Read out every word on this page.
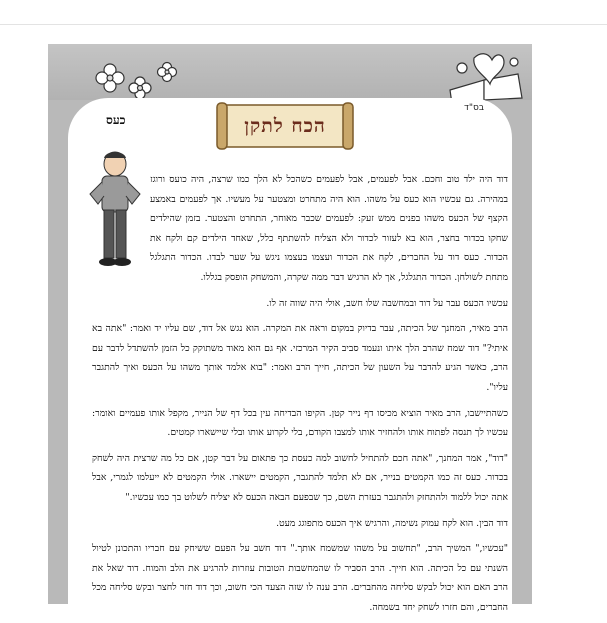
בס"ד
הכח לתקן
כעס

דוד היה ילד טוב וחכם. אבל לפעמים, אבל לפעמים כשהכל לא הלך כמו שרצה, היה כועס ורוגז במהירה. גם עכשיו הוא כעס על משהו. הוא היה מתחרט ומצטער על מעשיו. אך לפעמים באמצע הקצף של הכעס משהו בפנים ממש זעק: לפעמים שכבר מאוחר, התחרט והצטער. בזמן שהילדים שחקו בכדור בחצר, הוא בא לעזור לכדור ולא הצליח להשתתף כלל, שאחד הילדים קם ולקח את הכדור. כעס דוד על החברים, לקח את הכדור ועצמו בעצמו ניגש על שער לבדו. הכדור התגלגל מתחת לשולחן. הכדור התגלגל, אך לא הרגיש דבר ממה שקרה, והמשחק הופסק בגללו.

עכשיו הכעס עבר על דוד ובמחשבה שלו חשב, אולי היה שווה זה לו.

הרב מאיר, המחנך של הכיתה, עבר בדיוק במקום וראה את המקרה. הוא נגש אל דוד, שם עליו יד ואמר: "אתה בא איתי?" דוד שמח שהרב הלך איתו ונעמד סביב הקיר המרכזי. אף גם הוא מאוד משתוקק כל הזמן להשתדל לדבר עם הרב, כאשר הגיע להדבר על השעון של הכיתה, חייך הרב ואמר: "בוא אלמד אותך משהו על הכעס ואיך להתגבר עליו".

כשהתיישבו, הרב מאיר הוציא מכיסו דף נייר קטן. הקיפו הבדיחה עין בכל דף של הנייר, מקפל אותו פעמיים ואומר: עכשיו לך תנסה לפתוח אותו ולהחזיר אותו למצבו הקודם, בלי לקרוע אותו ובלי שיישארו קמטים.

"דוד", אמר המחנך, "אתה חכם להתחיל לחשוב למה כעסת כך פתאום על דבר קטן, אם כל מה שרצית היה לשחק בכדור. כעס זה כמו הקמטים בנייר, אם לא תלמד להתגבר, הקמטים יישארו. אולי הקמטים לא ייעלמו לגמרי, אבל אתה יכול ללמוד ולהתחזק ולהתגבר בעזרת השם, כך שבפעם הבאה הכעס לא יצליח לשלוט בך כמו עכשיו."

דוד הבין. הוא לקח עמוק נשימה, והרגיש איך הכעס מתפוגג מעט.

"עכשיו," המשיך הרב, "תחשוב על משהו שמשמח אותך." דוד חשב על הפעם ששיחק עם חבריו והתכונן לטיול השנתי עם כל הכיתה. הוא חייך. הרב הסביר לו שהמחשבות הטובות עוזרות להרגיע את הלב והמוח. דוד שאל את הרב האם הוא יכול לבקש סליחה מהחברים. הרב ענה לו שזה הצעד הכי חשוב, וכך דוד חזר לחצר ובקש סליחה מכל החברים, והם חזרו לשחק יחד בשמחה.
